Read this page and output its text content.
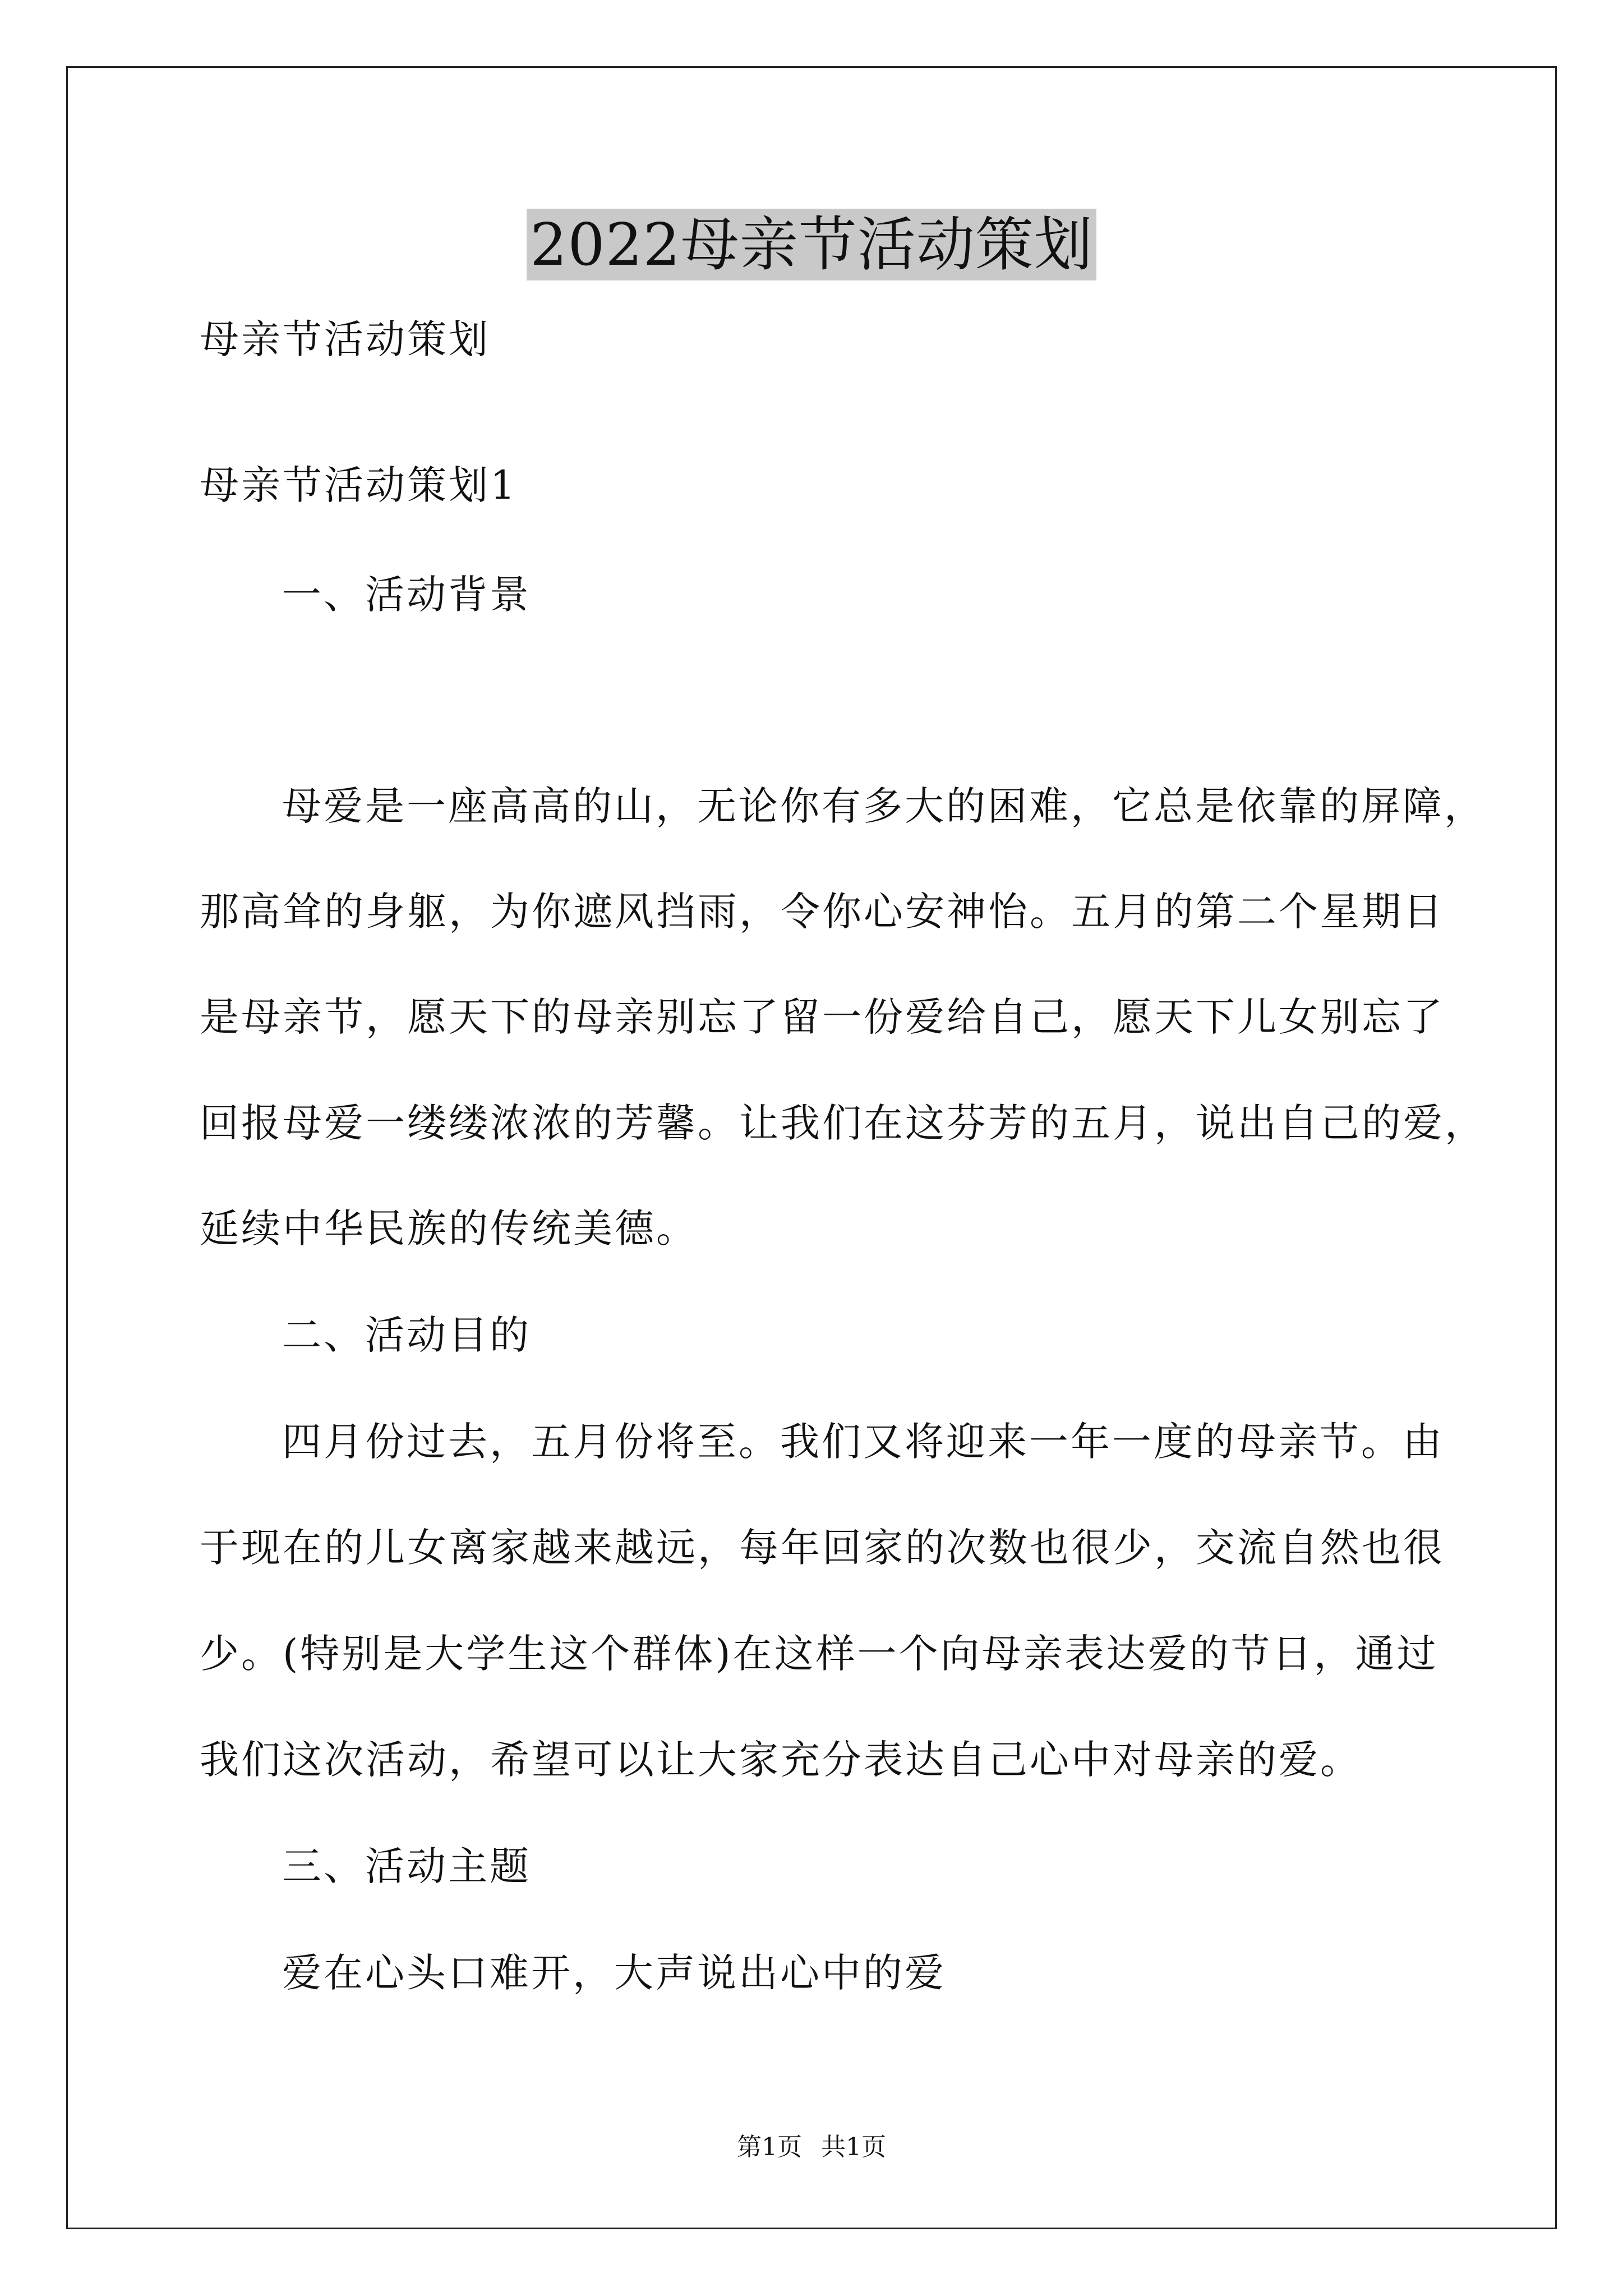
2022母亲节活动策划
母亲节活动策划
母亲节活动策划1
一、活动背景
母爱是一座高高的山，无论你有多大的困难，它总是依靠的屏障，
那高耸的身躯，为你遮风挡雨，令你心安神怡。五月的第二个星期日
是母亲节，愿天下的母亲别忘了留一份爱给自己，愿天下儿女别忘了
回报母爱一缕缕浓浓的芳馨。让我们在这芬芳的五月，说出自己的爱，
延续中华民族的传统美德。
二、活动目的
四月份过去，五月份将至。我们又将迎来一年一度的母亲节。由
于现在的儿女离家越来越远，每年回家的次数也很少，交流自然也很
少。(特别是大学生这个群体)在这样一个向母亲表达爱的节日，通过
我们这次活动，希望可以让大家充分表达自己心中对母亲的爱。
三、活动主题
爱在心头口难开，大声说出心中的爱
第1页 共1页
